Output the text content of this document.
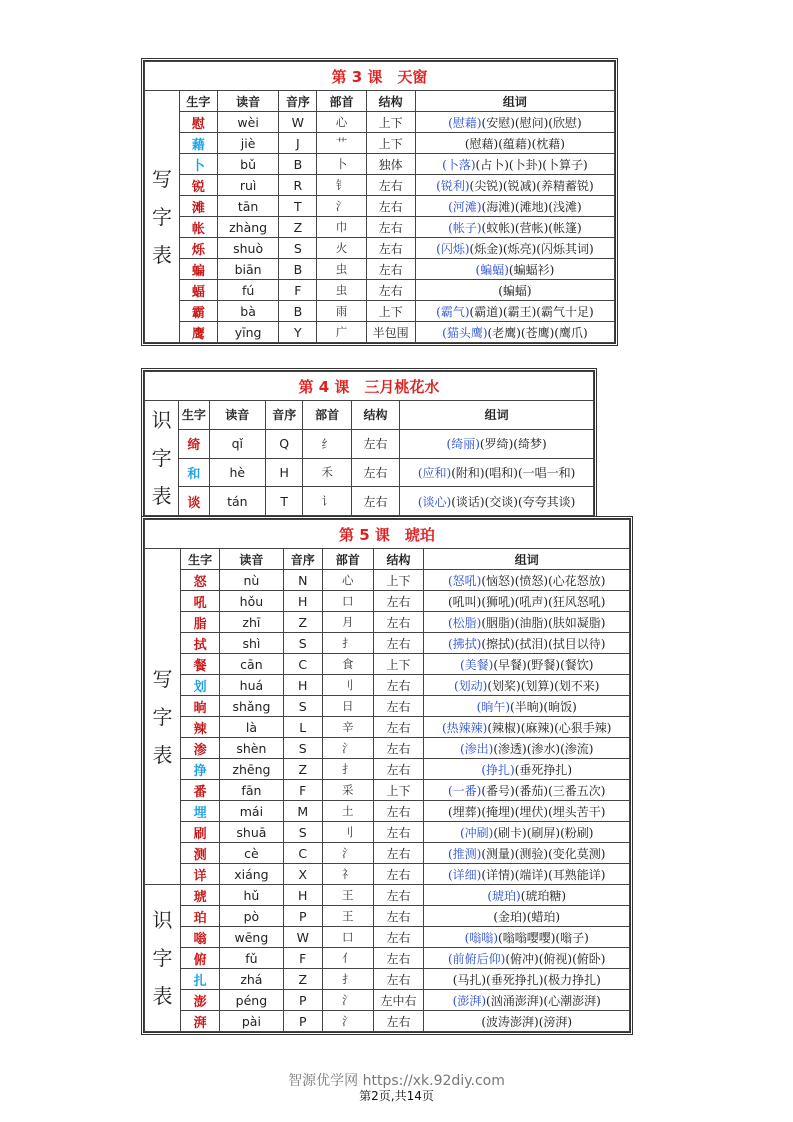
第 3 课　天窗						
写字表	生字	读音	音序	部首	结构	组词
	慰	wèi	W	心	上下	(慰藉)(安慰)(慰问)(欣慰)
	藉	jiè	J	艹	上下	(慰藉)(蕴藉)(枕藉)
	卜	bǔ	B	卜	独体	(卜落)(占卜)(卜卦)(卜算子)
	锐	ruì	R	钅	左右	(锐利)(尖锐)(锐减)(养精蓄锐)
	滩	tān	T	氵	左右	(河滩)(海滩)(滩地)(浅滩)
	帐	zhàng	Z	巾	左右	(帐子)(蚊帐)(营帐)(帐篷)
	烁	shuò	S	火	左右	(闪烁)(烁金)(烁亮)(闪烁其词)
	蝙	biān	B	虫	左右	(蝙蝠)(蝙蝠衫)
	蝠	fú	F	虫	左右	(蝙蝠)
	霸	bà	B	雨	上下	(霸气)(霸道)(霸王)(霸气十足)
	鹰	yīng	Y	广	半包围	(猫头鹰)(老鹰)(苍鹰)(鹰爪)
第 4 课　三月桃花水						
识字表	生字	读音	音序	部首	结构	组词
	绮	qǐ	Q	纟	左右	(绮丽)(罗绮)(绮梦)
	和	hè	H	禾	左右	(应和)(附和)(唱和)(一唱一和)
	谈	tán	T	讠	左右	(谈心)(谈话)(交谈)(夸夸其谈)
第 5 课　琥珀						
写字表	生字	读音	音序	部首	结构	组词
	怒	nù	N	心	上下	(怒吼)(恼怒)(愤怒)(心花怒放)
	吼	hǒu	H	口	左右	(吼叫)(狮吼)(吼声)(狂风怒吼)
	脂	zhī	Z	月	左右	(松脂)(胭脂)(油脂)(肤如凝脂)
	拭	shì	S	扌	左右	(拂拭)(擦拭)(拭泪)(拭目以待)
	餐	cān	C	食	上下	(美餐)(早餐)(野餐)(餐饮)
	划	huá	H	刂	左右	(划动)(划桨)(划算)(划不来)
	晌	shǎng	S	日	左右	(晌午)(半晌)(晌饭)
	辣	là	L	辛	左右	(热辣辣)(辣椒)(麻辣)(心狠手辣)
	渗	shèn	S	氵	左右	(渗出)(渗透)(渗水)(渗流)
	挣	zhēng	Z	扌	左右	(挣扎)(垂死挣扎)
	番	fān	F	采	上下	(一番)(番号)(番茄)(三番五次)
	埋	mái	M	土	左右	(埋葬)(掩埋)(埋伏)(埋头苦干)
	刷	shuā	S	刂	左右	(冲刷)(刷卡)(刷屏)(粉刷)
	测	cè	C	氵	左右	(推测)(测量)(测验)(变化莫测)
	详	xiáng	X	礻	左右	(详细)(详情)(端详)(耳熟能详)
识字表	琥	hǔ	H	王	左右	(琥珀)(琥珀糖)
	珀	pò	P	王	左右	(金珀)(蜡珀)
	嗡	wēng	W	口	左右	(嗡嗡)(嗡嗡嘤嘤)(嗡子)
	俯	fǔ	F	亻	左右	(前俯后仰)(俯冲)(俯视)(俯卧)
	扎	zhá	Z	扌	左右	(马扎)(垂死挣扎)(极力挣扎)
	澎	péng	P	氵	左中右	(澎湃)(汹涌澎湃)(心潮澎湃)
	湃	pài	P	氵	左右	(波涛澎湃)(滂湃)
智源优学网 https://xk.92diy.com
第2页,共14页
